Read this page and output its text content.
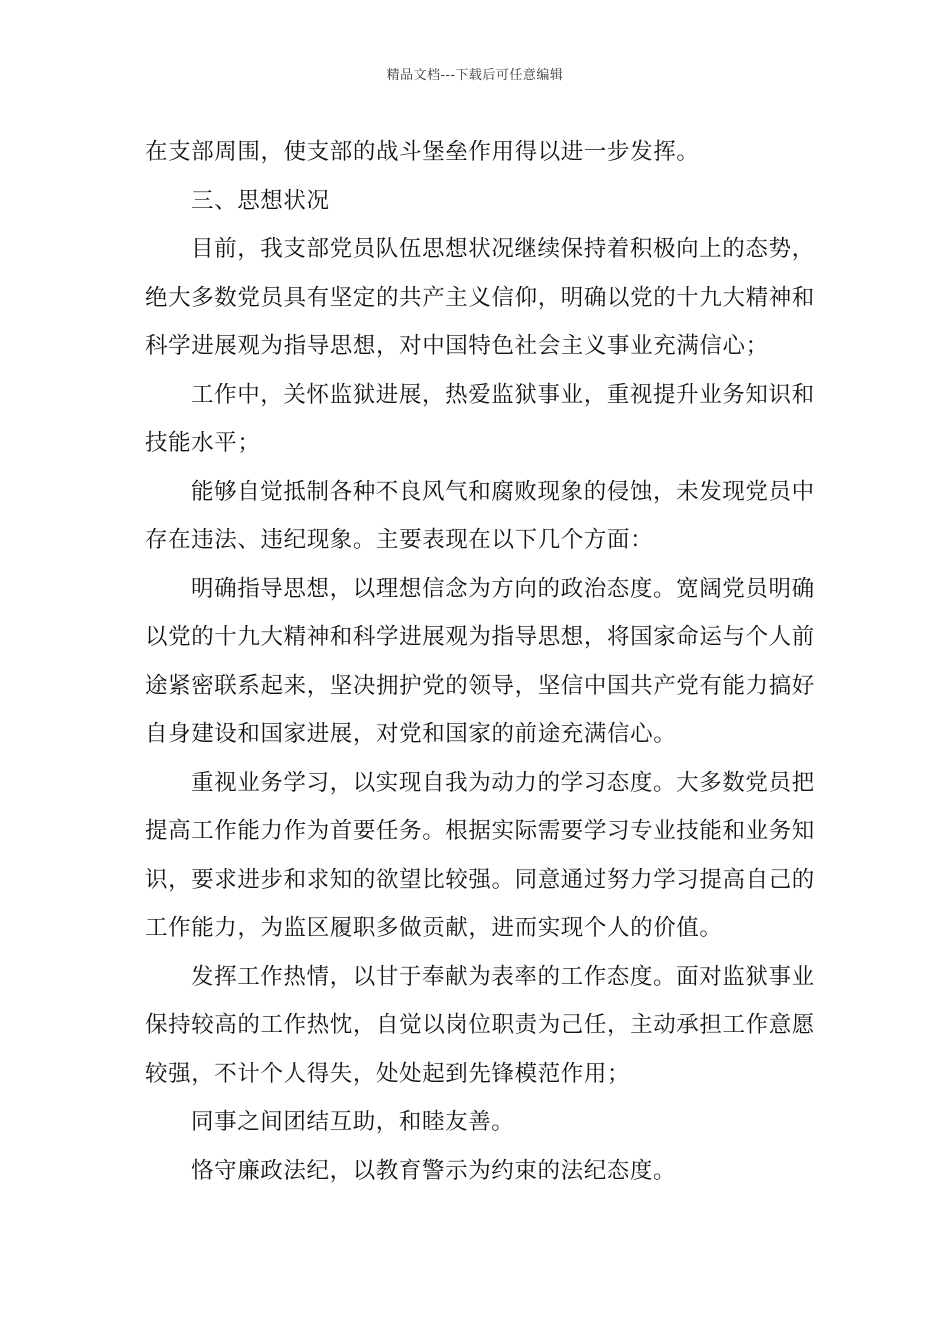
精品文档---下载后可任意编辑
在支部周围，使支部的战斗堡垒作用得以进一步发挥。
三、思想状况
目前，我支部党员队伍思想状况继续保持着积极向上的态势，
绝大多数党员具有坚定的共产主义信仰，明确以党的十九大精神和
科学进展观为指导思想，对中国特色社会主义事业充满信心；
工作中，关怀监狱进展，热爱监狱事业，重视提升业务知识和
技能水平；
能够自觉抵制各种不良风气和腐败现象的侵蚀，未发现党员中
存在违法、违纪现象。主要表现在以下几个方面：
明确指导思想，以理想信念为方向的政治态度。宽阔党员明确
以党的十九大精神和科学进展观为指导思想，将国家命运与个人前
途紧密联系起来，坚决拥护党的领导，坚信中国共产党有能力搞好
自身建设和国家进展，对党和国家的前途充满信心。
重视业务学习，以实现自我为动力的学习态度。大多数党员把
提高工作能力作为首要任务。根据实际需要学习专业技能和业务知
识，要求进步和求知的欲望比较强。同意通过努力学习提高自己的
工作能力，为监区履职多做贡献，进而实现个人的价值。
发挥工作热情，以甘于奉献为表率的工作态度。面对监狱事业
保持较高的工作热忱，自觉以岗位职责为己任，主动承担工作意愿
较强，不计个人得失，处处起到先锋模范作用；
同事之间团结互助，和睦友善。
恪守廉政法纪，以教育警示为约束的法纪态度。
